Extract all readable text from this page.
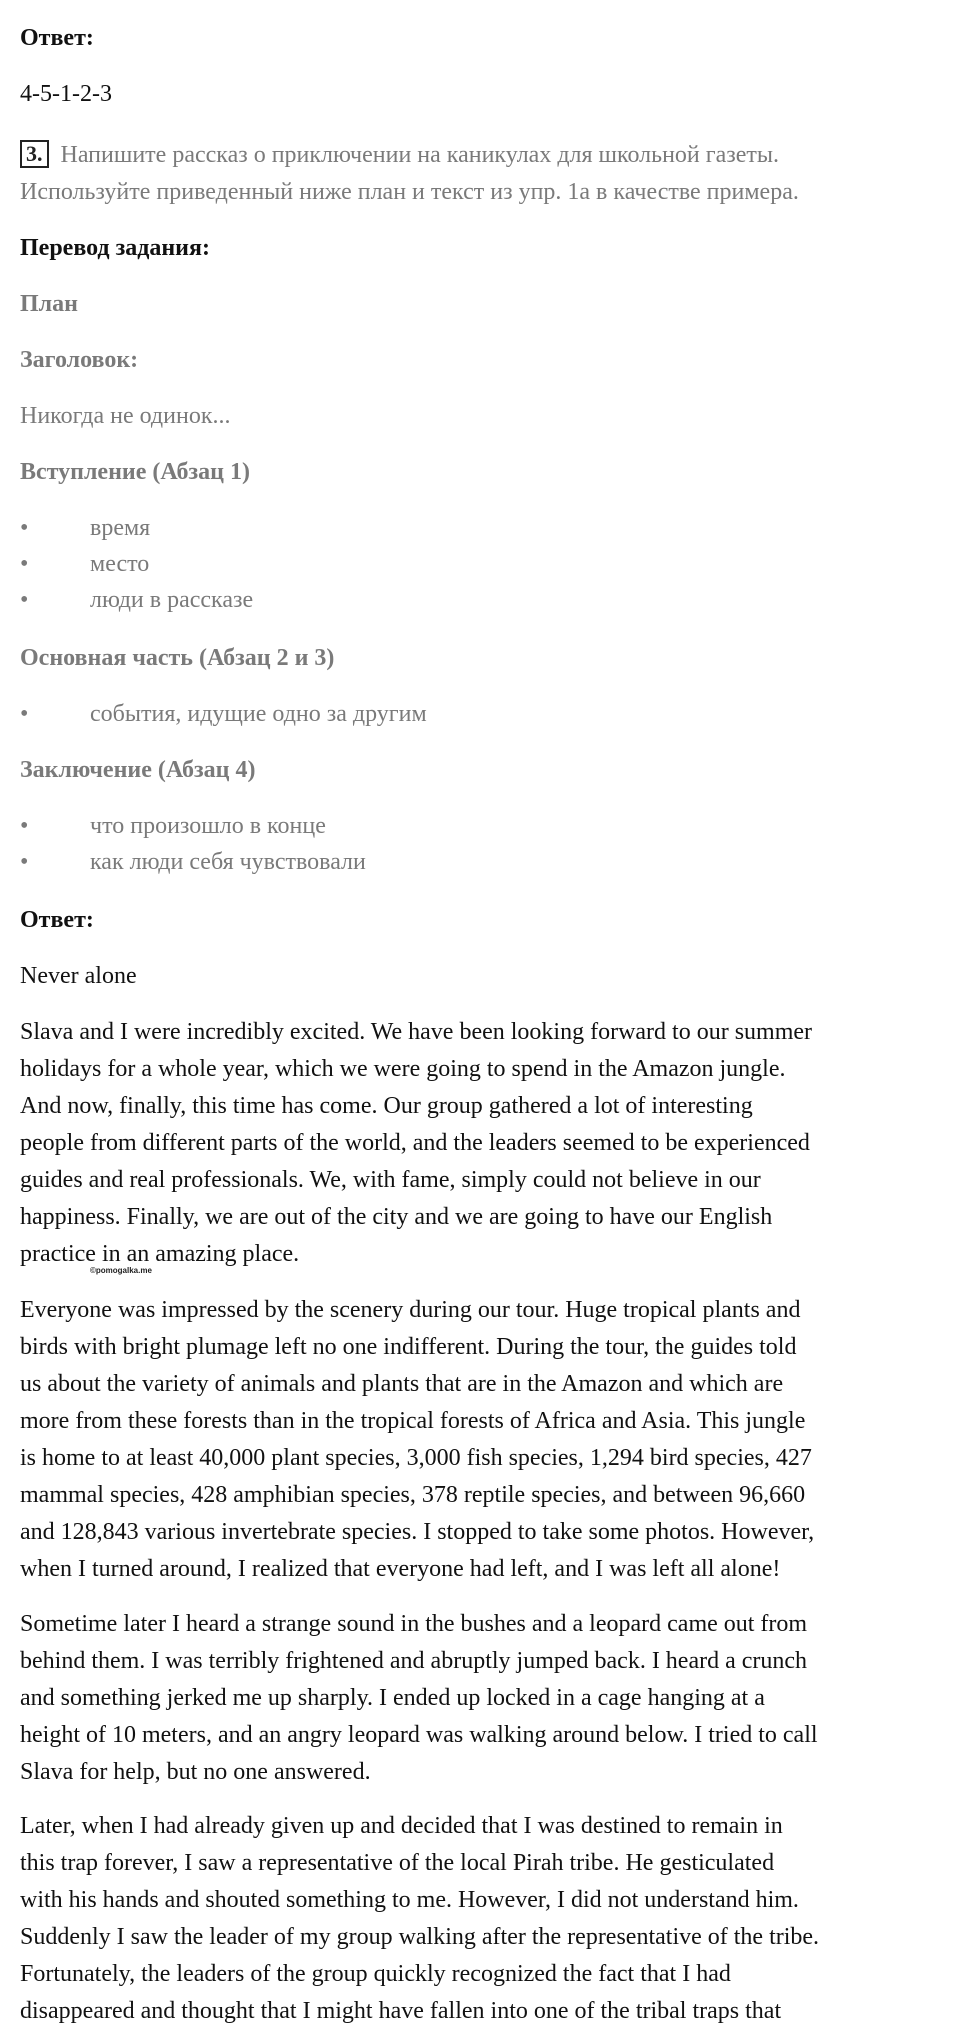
Ответ:
4-5-1-2-3
3. Напишите рассказ о приключении на каникулах для школьной газеты.
Используйте приведенный ниже план и текст из упр. 1a в качестве примера.
Перевод задания:
План
Заголовок:
Никогда не одинок...
Вступление (Абзац 1)
•	время
•	место
•	люди в рассказе
Основная часть (Абзац 2 и 3)
•	события, идущие одно за другим
Заключение (Абзац 4)
•	что произошло в конце
•	как люди себя чувствовали
Ответ:
Never alone
Slava and I were incredibly excited. We have been looking forward to our summer
holidays for a whole year, which we were going to spend in the Amazon jungle.
And now, finally, this time has come. Our group gathered a lot of interesting
people from different parts of the world, and the leaders seemed to be experienced
guides and real professionals. We, with fame, simply could not believe in our
happiness. Finally, we are out of the city and we are going to have our English
practice in an amazing place.
©pomogalka.me
Everyone was impressed by the scenery during our tour. Huge tropical plants and
birds with bright plumage left no one indifferent. During the tour, the guides told
us about the variety of animals and plants that are in the Amazon and which are
more from these forests than in the tropical forests of Africa and Asia. This jungle
is home to at least 40,000 plant species, 3,000 fish species, 1,294 bird species, 427
mammal species, 428 amphibian species, 378 reptile species, and between 96,660
and 128,843 various invertebrate species. I stopped to take some photos. However,
when I turned around, I realized that everyone had left, and I was left all alone!
Sometime later I heard a strange sound in the bushes and a leopard came out from
behind them. I was terribly frightened and abruptly jumped back. I heard a crunch
and something jerked me up sharply. I ended up locked in a cage hanging at a
height of 10 meters, and an angry leopard was walking around below. I tried to call
Slava for help, but no one answered.
Later, when I had already given up and decided that I was destined to remain in
this trap forever, I saw a representative of the local Pirah tribe. He gesticulated
with his hands and shouted something to me. However, I did not understand him.
Suddenly I saw the leader of my group walking after the representative of the tribe.
Fortunately, the leaders of the group quickly recognized the fact that I had
disappeared and thought that I might have fallen into one of the tribal traps that
